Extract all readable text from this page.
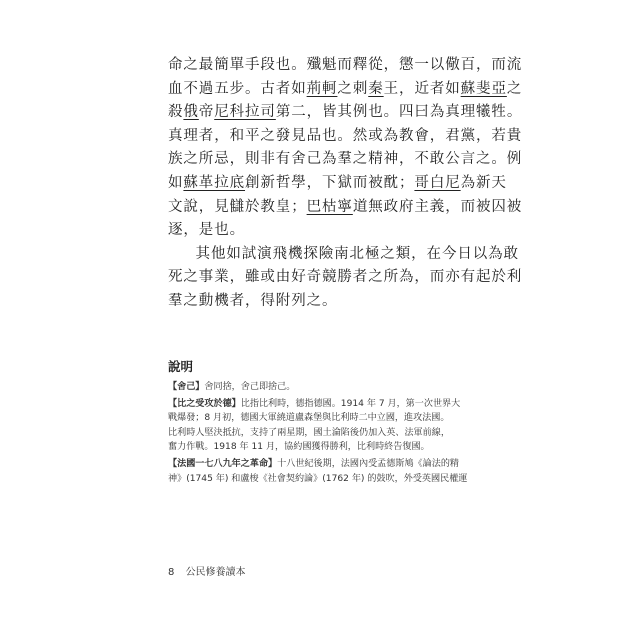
命之最簡單手段也。殲魁而釋從，懲一以儆百，而流

血不過五步。古者如荊軻之刺秦王，近者如蘇斐亞之

殺俄帝尼科拉司第二，皆其例也。四曰為真理犧牲。

真理者，和平之發見品也。然或為教會，君黨，若貴

族之所忌，則非有舍己為羣之精神，不敢公言之。例

如蘇革拉底創新哲學，下獄而被酖；哥白尼為新天

文說，見讎於教皇；巴枯寧道無政府主義，而被囚被

逐，是也。

其他如試演飛機探險南北極之類，在今日以為敢

死之事業，雖或由好奇競勝者之所為，而亦有起於利

羣之動機者，得附列之。

說明
【舍己】舍同捨，舍己即捨己。
【比之受攻於德】比指比利時，德指德國。1914 年 7 月，第一次世界大
戰爆發；8 月初，德國大軍繞道盧森堡與比利時二中立國，進攻法國。
比利時人堅決抵抗，支持了兩星期，國土淪陷後仍加入英、法軍前線，
奮力作戰。1918 年 11 月，協約國獲得勝利，比利時終告復國。
【法國一七八九年之革命】十八世紀後期，法國內受孟德斯鳩《論法的精
神》(1745 年) 和盧梭《社會契約論》(1762 年) 的鼓吹，外受英國民權運
8 公民修養讀本
